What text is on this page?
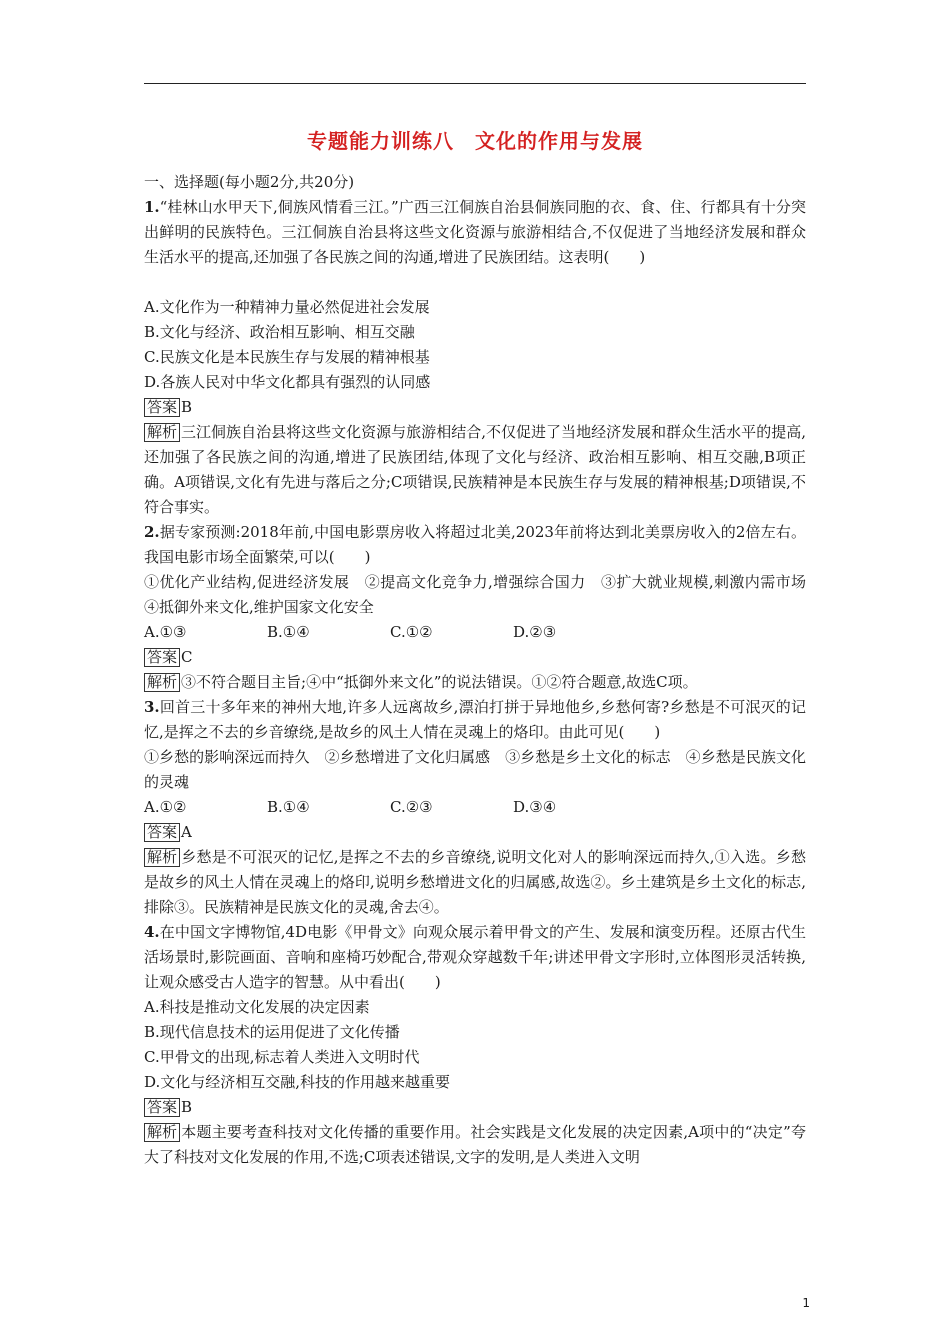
专题能力训练八　文化的作用与发展

一、选择题(每小题2分,共20分)

1.“桂林山水甲天下,侗族风情看三江。”广西三江侗族自治县侗族同胞的衣、食、住、行都具有十分突出鲜明的民族特色。三江侗族自治县将这些文化资源与旅游相结合,不仅促进了当地经济发展和群众生活水平的提高,还加强了各民族之间的沟通,增进了民族团结。这表明(　　)

A.文化作为一种精神力量必然促进社会发展

B.文化与经济、政治相互影响、相互交融

C.民族文化是本民族生存与发展的精神根基

D.各族人民对中华文化都具有强烈的认同感

答案 B

解析 三江侗族自治县将这些文化资源与旅游相结合,不仅促进了当地经济发展和群众生活水平的提高,还加强了各民族之间的沟通,增进了民族团结,体现了文化与经济、政治相互影响、相互交融,B项正确。A项错误,文化有先进与落后之分;C项错误,民族精神是本民族生存与发展的精神根基;D项错误,不符合事实。

2.据专家预测:2018年前,中国电影票房收入将超过北美,2023年前将达到北美票房收入的2倍左右。我国电影市场全面繁荣,可以(　　)

①优化产业结构,促进经济发展　②提高文化竞争力,增强综合国力　③扩大就业规模,刺激内需市场　④抵御外来文化,维护国家文化安全

A.①③	B.①④	C.①②	D.②③

答案 C

解析 ③不符合题目主旨;④中“抵御外来文化”的说法错误。①②符合题意,故选C项。

3.回首三十多年来的神州大地,许多人远离故乡,漂泊打拼于异地他乡,乡愁何寄?乡愁是不可泯灭的记忆,是挥之不去的乡音缭绕,是故乡的风土人情在灵魂上的烙印。由此可见(　　)

①乡愁的影响深远而持久　②乡愁增进了文化归属感　③乡愁是乡土文化的标志　④乡愁是民族文化的灵魂

A.①②	B.①④	C.②③	D.③④

答案 A

解析 乡愁是不可泯灭的记忆,是挥之不去的乡音缭绕,说明文化对人的影响深远而持久,①入选。乡愁是故乡的风土人情在灵魂上的烙印,说明乡愁增进文化的归属感,故选②。乡土建筑是乡土文化的标志,排除③。民族精神是民族文化的灵魂,舍去④。

4.在中国文字博物馆,4D电影《甲骨文》向观众展示着甲骨文的产生、发展和演变历程。还原古代生活场景时,影院画面、音响和座椅巧妙配合,带观众穿越数千年;讲述甲骨文字形时,立体图形灵活转换,让观众感受古人造字的智慧。从中看出(　　)

A.科技是推动文化发展的决定因素

B.现代信息技术的运用促进了文化传播

C.甲骨文的出现,标志着人类进入文明时代

D.文化与经济相互交融,科技的作用越来越重要

答案 B

解析 本题主要考查科技对文化传播的重要作用。社会实践是文化发展的决定因素,A项中的“决定”夸大了科技对文化发展的作用,不选;C项表述错误,文字的发明,是人类进入文明

1
